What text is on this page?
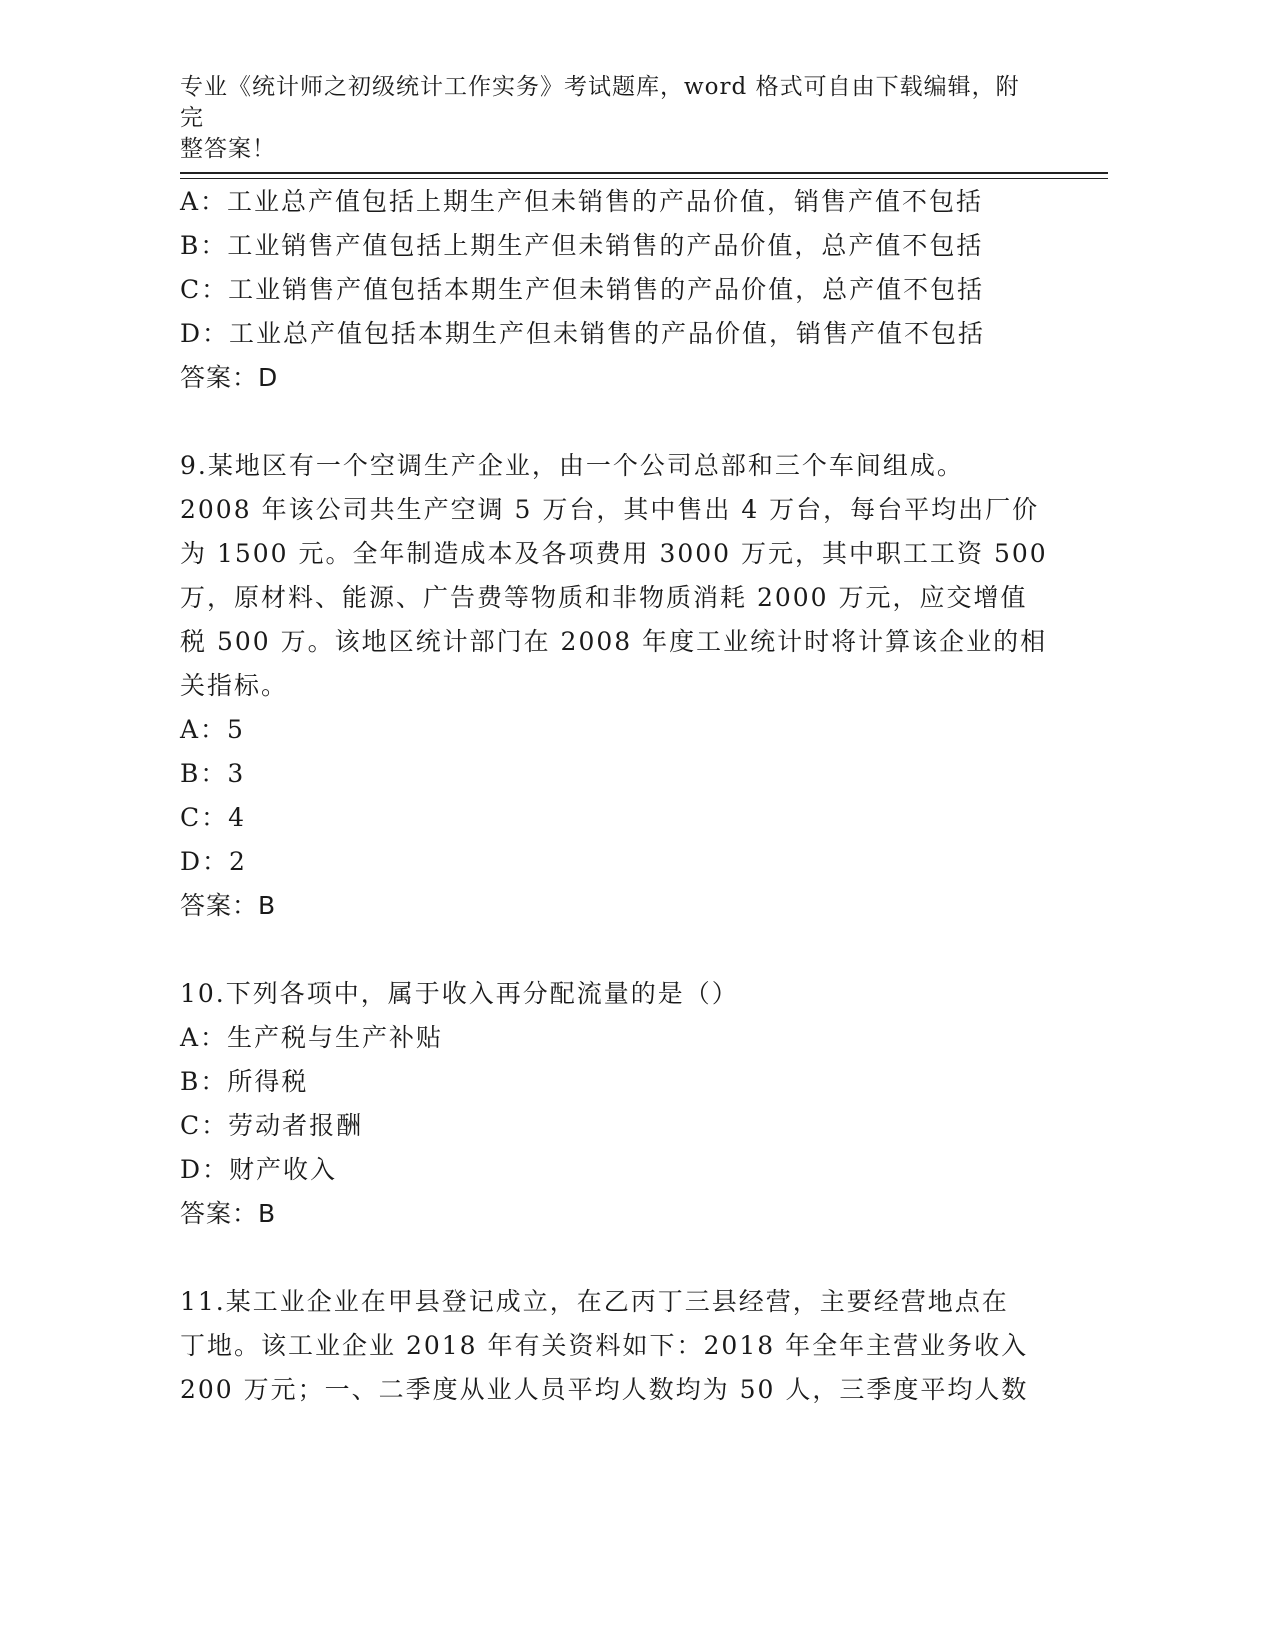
专业《统计师之初级统计工作实务》考试题库，word 格式可自由下载编辑，附完
整答案！
A：工业总产值包括上期生产但未销售的产品价值，销售产值不包括
B：工业销售产值包括上期生产但未销售的产品价值，总产值不包括
C：工业销售产值包括本期生产但未销售的产品价值，总产值不包括
D：工业总产值包括本期生产但未销售的产品价值，销售产值不包括
答案：D
9.某地区有一个空调生产企业，由一个公司总部和三个车间组成。
2008 年该公司共生产空调 5 万台，其中售出 4 万台，每台平均出厂价
为 1500 元。全年制造成本及各项费用 3000 万元，其中职工工资 500
万，原材料、能源、广告费等物质和非物质消耗 2000 万元，应交增值
税 500 万。该地区统计部门在 2008 年度工业统计时将计算该企业的相
关指标。
A：5
B：3
C：4
D：2
答案：B
10.下列各项中，属于收入再分配流量的是（）
A：生产税与生产补贴
B：所得税
C：劳动者报酬
D：财产收入
答案：B
11.某工业企业在甲县登记成立，在乙丙丁三县经营，主要经营地点在
丁地。该工业企业 2018 年有关资料如下：2018 年全年主营业务收入
200 万元；一、二季度从业人员平均人数均为 50 人，三季度平均人数
